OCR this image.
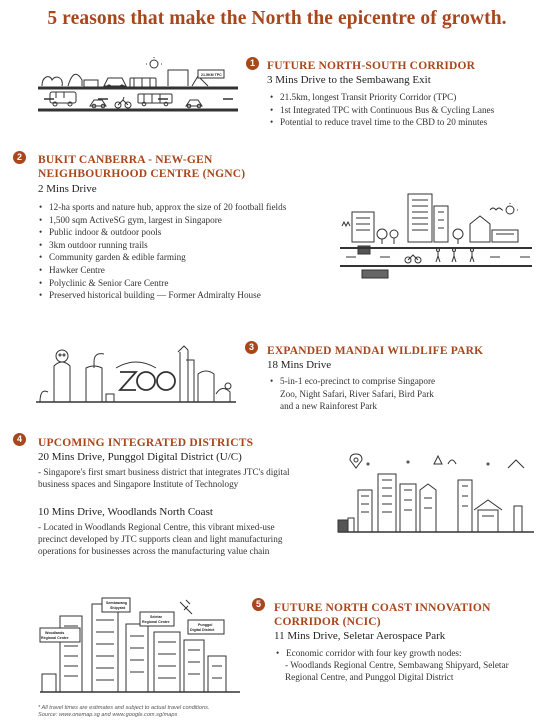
5 reasons that make the North the epicentre of growth.
21.5KM TPC
1	FUTURE NORTH-SOUTH CORRIDOR
3 Mins Drive to the Sembawang Exit
• 21.5km, longest Transit Priority Corridor (TPC)
• 1st Integrated TPC with Continuous Bus & Cycling Lanes
• Potential to reduce travel time to the CBD to 20 minutes
2	BUKIT CANBERRA - NEW-GEN
NEIGHBOURHOOD CENTRE (NGNC)
2 Mins Drive
• 12-ha sports and nature hub, approx the size of 20 football fields
• 1,500 sqm ActiveSG gym, largest in Singapore
• Public indoor & outdoor pools
• 3km outdoor running trails
• Community garden & edible farming
• Hawker Centre
• Polyclinic & Senior Care Centre
• Preserved historical building — Former Admiralty House
3	EXPANDED MANDAI WILDLIFE PARK
18 Mins Drive
• 5-in-1 eco-precinct to comprise Singapore Zoo, Night Safari, River Safari, Bird Park and a new Rainforest Park
4	UPCOMING INTEGRATED DISTRICTS
20 Mins Drive, Punggol Digital District (U/C)
- Singapore's first smart business district that integrates JTC's digital business spaces and Singapore Institute of Technology
10 Mins Drive, Woodlands North Coast
- Located in Woodlands Regional Centre, this vibrant mixed-use precinct developed by JTC supports clean and light manufacturing operations for businesses across the manufacturing value chain
Woodlands
Regional Centre
Sembawang
Shipyard
Seletar
Regional Centre
Punggol
Digital District
5	FUTURE NORTH COAST INNOVATION
CORRIDOR (NCIC)
11 Mins Drive, Seletar Aerospace Park
• Economic corridor with four key growth nodes:
- Woodlands Regional Centre, Sembawang Shipyard, Seletar Regional Centre, and Punggol Digital District
* All travel times are estimates and subject to actual travel conditions.
Source: www.onemap.sg and www.google.com.sg/maps
